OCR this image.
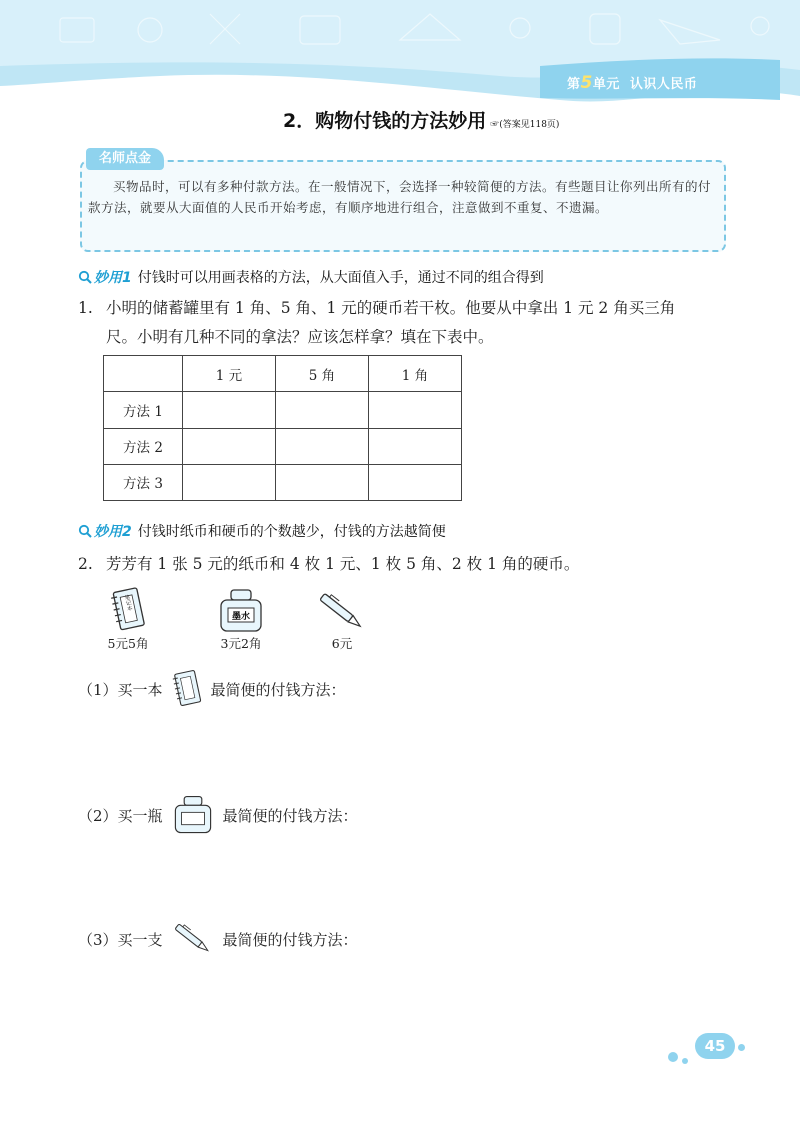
第5单元 认识人民币
2．购物付钱的方法妙用 ☞(答案见118页)
名师点金
买物品时，可以有多种付款方法。在一般情况下，会选择一种较简便的方法。有些题目让你列出所有的付款方法，就要从大面值的人民币开始考虑，有顺序地进行组合，注意做到不重复、不遗漏。
妙用1 付钱时可以用画表格的方法，从大面值入手，通过不同的组合得到
1. 小明的储蓄罐里有 1 角、5 角、1 元的硬币若干枚。他要从中拿出 1 元 2 角买三角
尺。小明有几种不同的拿法？应该怎样拿？填在下表中。
	1 元	5 角	1 角
方法 1			
方法 2			
方法 3			
妙用2 付钱时纸币和硬币的个数越少，付钱的方法越简便
2. 芳芳有 1 张 5 元的纸币和 4 枚 1 元、1 枚 5 角、2 枚 1 角的硬币。
笔记本
5元5角
墨水
3元2角	6元
（1）买一本	最简便的付钱方法：
（2）买一瓶	最简便的付钱方法：
（3）买一支	最简便的付钱方法：
45
